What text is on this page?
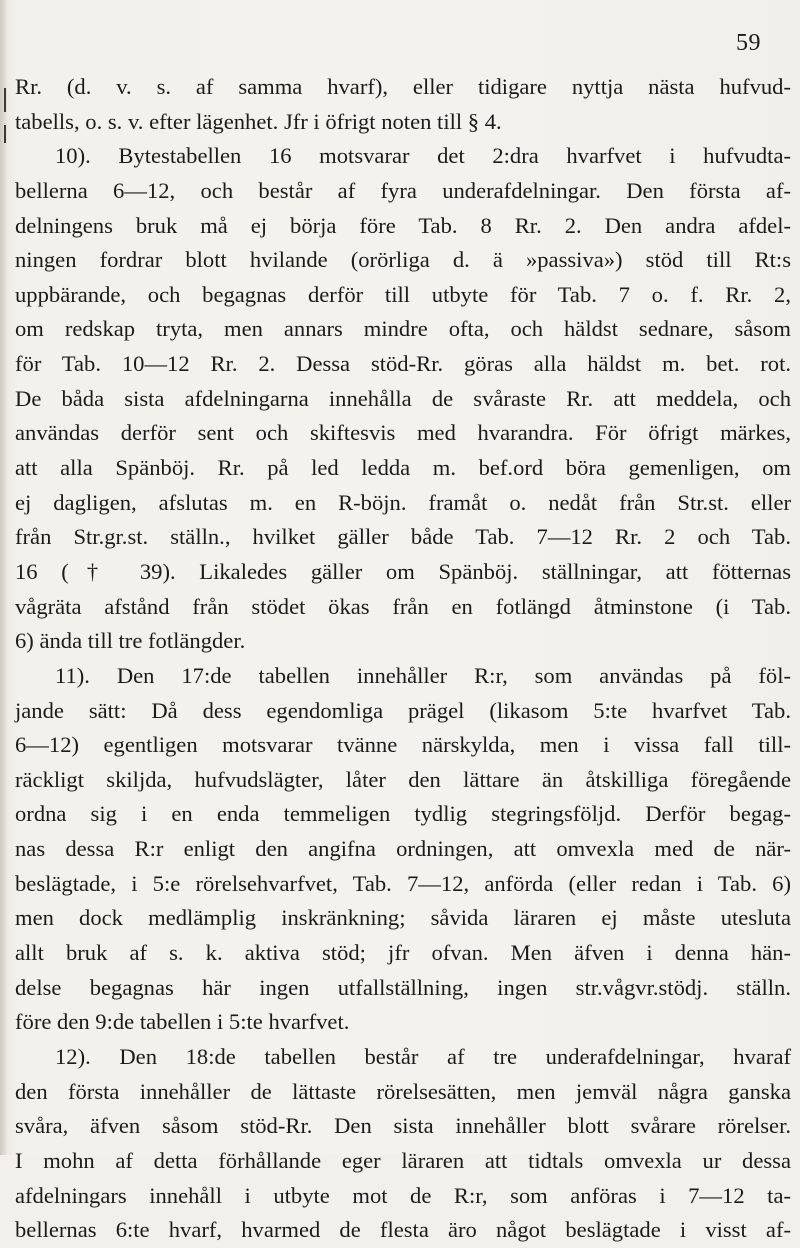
59

Rr. (d. v. s. af samma hvarf), eller tidigare nyttja nästa hufvud-
tabells, o. s. v. efter lägenhet. Jfr i öfrigt noten till § 4.
10). Bytestabellen 16 motsvarar det 2:dra hvarfvet i hufvudta-
bellerna 6—12, och består af fyra underafdelningar. Den första af-
delningens bruk må ej börja före Tab. 8 Rr. 2. Den andra afdel-
ningen fordrar blott hvilande (orörliga d. ä »passiva») stöd till Rt:s
uppbärande, och begagnas derför till utbyte för Tab. 7 o. f. Rr. 2,
om redskap tryta, men annars mindre ofta, och häldst sednare, såsom
för Tab. 10—12 Rr. 2. Dessa stöd-Rr. göras alla häldst m. bet. rot.
De båda sista afdelningarna innehålla de svåraste Rr. att meddela, och
användas derför sent och skiftesvis med hvarandra. För öfrigt märkes,
att alla Spänböj. Rr. på led ledda m. bef.ord böra gemenligen, om
ej dagligen, afslutas m. en R-böjn. framåt o. nedåt från Str.st. eller
från Str.gr.st. ställn., hvilket gäller både Tab. 7—12 Rr. 2 och Tab.
16 († 39). Likaledes gäller om Spänböj. ställningar, att fötternas
vågräta afstånd från stödet ökas från en fotlängd åtminstone (i Tab.
6) ända till tre fotlängder.
11). Den 17:de tabellen innehåller R:r, som användas på föl-
jande sätt: Då dess egendomliga prägel (likasom 5:te hvarfvet Tab.
6—12) egentligen motsvarar tvänne närskylda, men i vissa fall till-
räckligt skiljda, hufvudslägter, låter den lättare än åtskilliga föregående
ordna sig i en enda temmeligen tydlig stegringsföljd. Derför begag-
nas dessa R:r enligt den angifna ordningen, att omvexla med de när-
beslägtade, i 5:e rörelsehvarfvet, Tab. 7—12, anförda (eller redan i Tab. 6)
men dock medlämplig inskränkning; såvida läraren ej måste utesluta
allt bruk af s. k. aktiva stöd; jfr ofvan. Men äfven i denna hän-
delse begagnas här ingen utfallställning, ingen str.vågvr.stödj. ställn.
före den 9:de tabellen i 5:te hvarfvet.
12). Den 18:de tabellen består af tre underafdelningar, hvaraf
den första innehåller de lättaste rörelsesätten, men jemväl några ganska
svåra, äfven såsom stöd-Rr. Den sista innehåller blott svårare rörelser.
I mohn af detta förhållande eger läraren att tidtals omvexla ur dessa
afdelningars innehåll i utbyte mot de R:r, som anföras i 7—12 ta-
bellernas 6:te hvarf, hvarmed de flesta äro något beslägtade i visst af-
